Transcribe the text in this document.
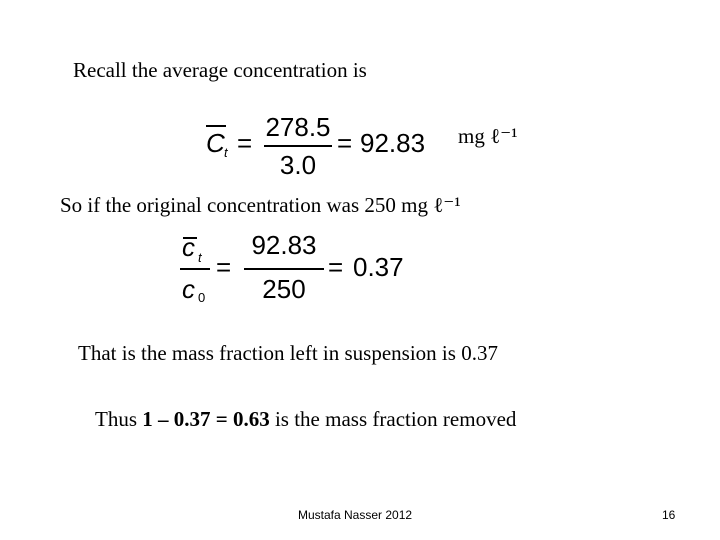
Recall the average concentration is
C t =
278.5
3.0
= 92.83 mg ℓ⁻¹
So if the original concentration was 250 mg ℓ⁻¹
c t
c 0
=
92.83
250
= 0.37
That is the mass fraction left in suspension is 0.37
Thus 1 – 0.37 = 0.63 is the mass fraction removed
Mustafa Nasser 2012	16
